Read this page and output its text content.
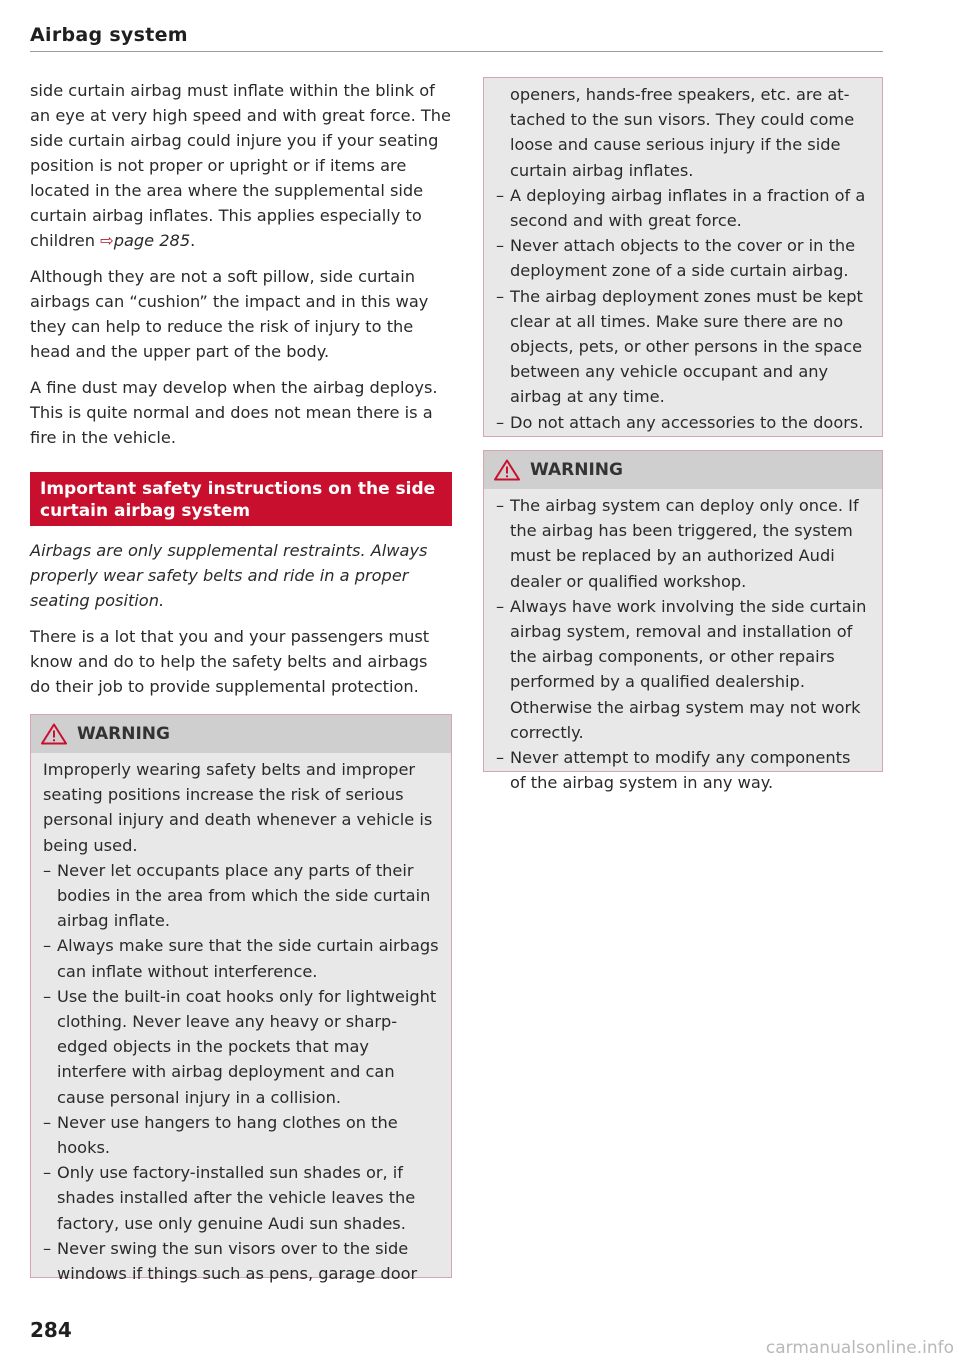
Airbag system

side curtain airbag must inflate within the blink of an eye at very high speed and with great force. The side curtain airbag could injure you if your seating position is not proper or upright or if items are located in the area where the supplemental side curtain airbag inflates. This applies especially to children ⇨page 285.

Although they are not a soft pillow, side curtain airbags can “cushion” the impact and in this way they can help to reduce the risk of injury to the head and the upper part of the body.

A fine dust may develop when the airbag deploys. This is quite normal and does not mean there is a fire in the vehicle.

Important safety instructions on the side curtain airbag system

Airbags are only supplemental restraints. Always properly wear safety belts and ride in a proper seating position.

There is a lot that you and your passengers must know and do to help the safety belts and airbags do their job to provide supplemental protection.

WARNING

Improperly wearing safety belts and improper seating positions increase the risk of serious personal injury and death whenever a vehicle is being used.

– Never let occupants place any parts of their bodies in the area from which the side curtain airbag inflate.
– Always make sure that the side curtain airbags can inflate without interference.
– Use the built-in coat hooks only for lightweight clothing. Never leave any heavy or sharp-edged objects in the pockets that may interfere with airbag deployment and can cause personal injury in a collision.
– Never use hangers to hang clothes on the hooks.
– Only use factory-installed sun shades or, if shades installed after the vehicle leaves the factory, use only genuine Audi sun shades.
– Never swing the sun visors over to the side windows if things such as pens, garage door

openers, hands-free speakers, etc. are attached to the sun visors. They could come loose and cause serious injury if the side curtain airbag inflates.

– A deploying airbag inflates in a fraction of a second and with great force.
– Never attach objects to the cover or in the deployment zone of a side curtain airbag.
– The airbag deployment zones must be kept clear at all times. Make sure there are no objects, pets, or other persons in the space between any vehicle occupant and any airbag at any time.
– Do not attach any accessories to the doors.
WARNING
– The airbag system can deploy only once. If the airbag has been triggered, the system must be replaced by an authorized Audi dealer or qualified workshop.
– Always have work involving the side curtain airbag system, removal and installation of the airbag components, or other repairs performed by a qualified dealership. Otherwise the airbag system may not work correctly.
– Never attempt to modify any components of the airbag system in any way.
284
carmanualsonline.info
